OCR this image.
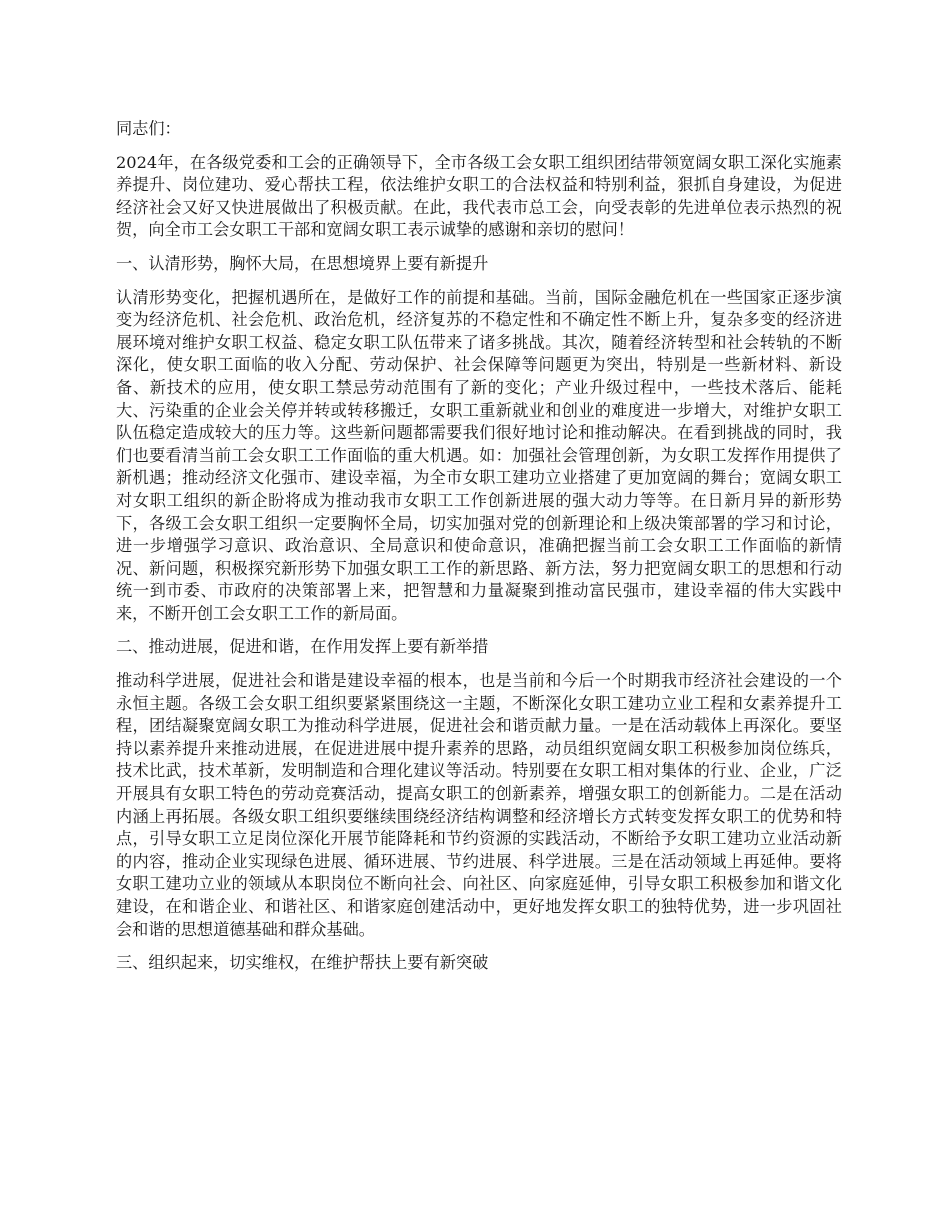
同志们：

2024年，在各级党委和工会的正确领导下，全市各级工会女职工组织团结带领宽阔女职工深化实施素养提升、岗位建功、爱心帮扶工程，依法维护女职工的合法权益和特别利益，狠抓自身建设，为促进经济社会又好又快进展做出了积极贡献。在此，我代表市总工会，向受表彰的先进单位表示热烈的祝贺，向全市工会女职工干部和宽阔女职工表示诚挚的感谢和亲切的慰问！

一、认清形势，胸怀大局，在思想境界上要有新提升

认清形势变化，把握机遇所在，是做好工作的前提和基础。当前，国际金融危机在一些国家正逐步演变为经济危机、社会危机、政治危机，经济复苏的不稳定性和不确定性不断上升，复杂多变的经济进展环境对维护女职工权益、稳定女职工队伍带来了诸多挑战。其次，随着经济转型和社会转轨的不断深化，使女职工面临的收入分配、劳动保护、社会保障等问题更为突出，特别是一些新材料、新设备、新技术的应用，使女职工禁忌劳动范围有了新的变化；产业升级过程中，一些技术落后、能耗大、污染重的企业会关停并转或转移搬迁，女职工重新就业和创业的难度进一步增大，对维护女职工队伍稳定造成较大的压力等。这些新问题都需要我们很好地讨论和推动解决。在看到挑战的同时，我们也要看清当前工会女职工工作面临的重大机遇。如：加强社会管理创新，为女职工发挥作用提供了新机遇；推动经济文化强市、建设幸福，为全市女职工建功立业搭建了更加宽阔的舞台；宽阔女职工对女职工组织的新企盼将成为推动我市女职工工作创新进展的强大动力等等。在日新月异的新形势下，各级工会女职工组织一定要胸怀全局，切实加强对党的创新理论和上级决策部署的学习和讨论，进一步增强学习意识、政治意识、全局意识和使命意识，准确把握当前工会女职工工作面临的新情况、新问题，积极探究新形势下加强女职工工作的新思路、新方法，努力把宽阔女职工的思想和行动统一到市委、市政府的决策部署上来，把智慧和力量凝聚到推动富民强市，建设幸福的伟大实践中来，不断开创工会女职工工作的新局面。

二、推动进展，促进和谐，在作用发挥上要有新举措

推动科学进展，促进社会和谐是建设幸福的根本，也是当前和今后一个时期我市经济社会建设的一个永恒主题。各级工会女职工组织要紧紧围绕这一主题，不断深化女职工建功立业工程和女素养提升工程，团结凝聚宽阔女职工为推动科学进展，促进社会和谐贡献力量。一是在活动载体上再深化。要坚持以素养提升来推动进展，在促进进展中提升素养的思路，动员组织宽阔女职工积极参加岗位练兵，技术比武，技术革新，发明制造和合理化建议等活动。特别要在女职工相对集体的行业、企业，广泛开展具有女职工特色的劳动竞赛活动，提高女职工的创新素养，增强女职工的创新能力。二是在活动内涵上再拓展。各级女职工组织要继续围绕经济结构调整和经济增长方式转变发挥女职工的优势和特点，引导女职工立足岗位深化开展节能降耗和节约资源的实践活动，不断给予女职工建功立业活动新的内容，推动企业实现绿色进展、循环进展、节约进展、科学进展。三是在活动领域上再延伸。要将女职工建功立业的领域从本职岗位不断向社会、向社区、向家庭延伸，引导女职工积极参加和谐文化建设，在和谐企业、和谐社区、和谐家庭创建活动中，更好地发挥女职工的独特优势，进一步巩固社会和谐的思想道德基础和群众基础。

三、组织起来，切实维权，在维护帮扶上要有新突破
